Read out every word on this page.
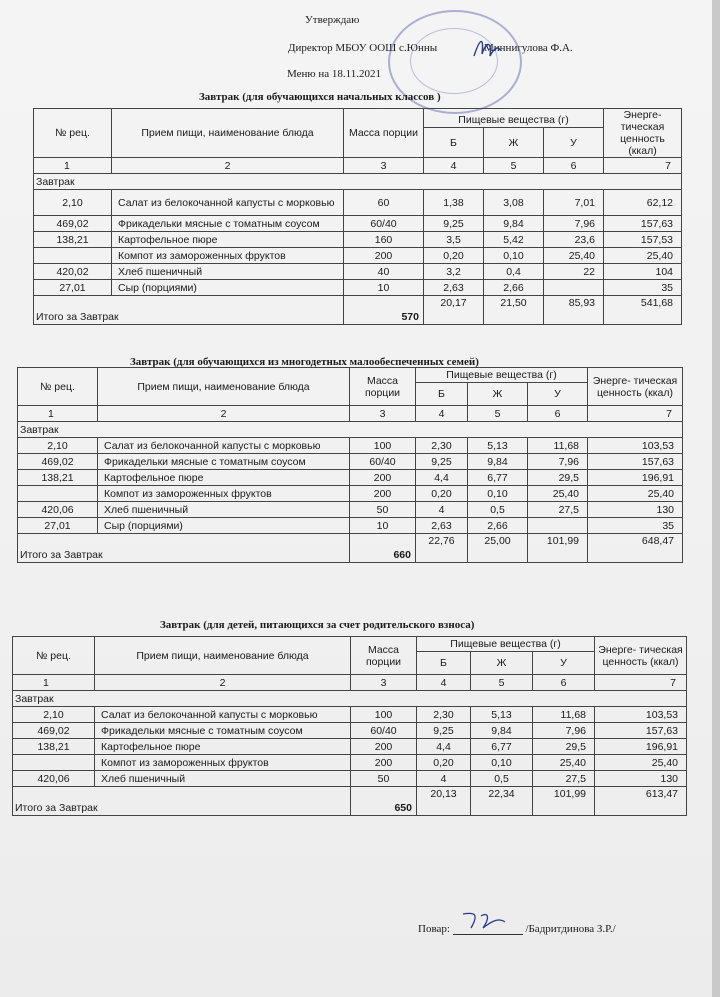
Утверждаю
Директор МБОУ ООШ с.Юнны	Миннигулова Ф.А.
Меню на 18.11.2021
Завтрак (для обучающихся начальных классов )
№ рец.	Прием пищи, наименование блюда	Масса порции	Пищевые вещества (г)			Энерге- тическая ценность (ккал)
			Б	Ж	У	
1	2	3	4	5	6	7
Завтрак						
2,10	Салат из белокочанной капусты с морковью	60	1,38	3,08	7,01	62,12
469,02	Фрикадельки мясные с томатным соусом	60/40	9,25	9,84	7,96	157,63
138,21	Картофельное пюре	160	3,5	5,42	23,6	157,53
	Компот из замороженных фруктов	200	0,20	0,10	25,40	25,40
420,02	Хлеб пшеничный	40	3,2	0,4	22	104
27,01	Сыр (порциями)	10	2,63	2,66		35
Итого за Завтрак		570	20,17	21,50	85,93	541,68
Завтрак (для обучающихся из многодетных малообеспеченных семей)
№ рец.	Прием пищи, наименование блюда	Масса порции	Пищевые вещества (г)			Энерге- тическая ценность (ккал)
			Б	Ж	У	
1	2	3	4	5	6	7
Завтрак						
2,10	Салат из белокочанной капусты с морковью	100	2,30	5,13	11,68	103,53
469,02	Фрикадельки мясные с томатным соусом	60/40	9,25	9,84	7,96	157,63
138,21	Картофельное пюре	200	4,4	6,77	29,5	196,91
	Компот из замороженных фруктов	200	0,20	0,10	25,40	25,40
420,06	Хлеб пшеничный	50	4	0,5	27,5	130
27,01	Сыр (порциями)	10	2,63	2,66		35
Итого за Завтрак		660	22,76	25,00	101,99	648,47
Завтрак (для детей, питающихся за счет родительского взноса)
№ рец.	Прием пищи, наименование блюда	Масса порции	Пищевые вещества (г)			Энерге- тическая ценность (ккал)
			Б	Ж	У	
1	2	3	4	5	6	7
Завтрак						
2,10	Салат из белокочанной капусты с морковью	100	2,30	5,13	11,68	103,53
469,02	Фрикадельки мясные с томатным соусом	60/40	9,25	9,84	7,96	157,63
138,21	Картофельное пюре	200	4,4	6,77	29,5	196,91
	Компот из замороженных фруктов	200	0,20	0,10	25,40	25,40
420,06	Хлеб пшеничный	50	4	0,5	27,5	130
Итого за Завтрак		650	20,13	22,34	101,99	613,47
Повар:	/Бадритдинова З.Р./
